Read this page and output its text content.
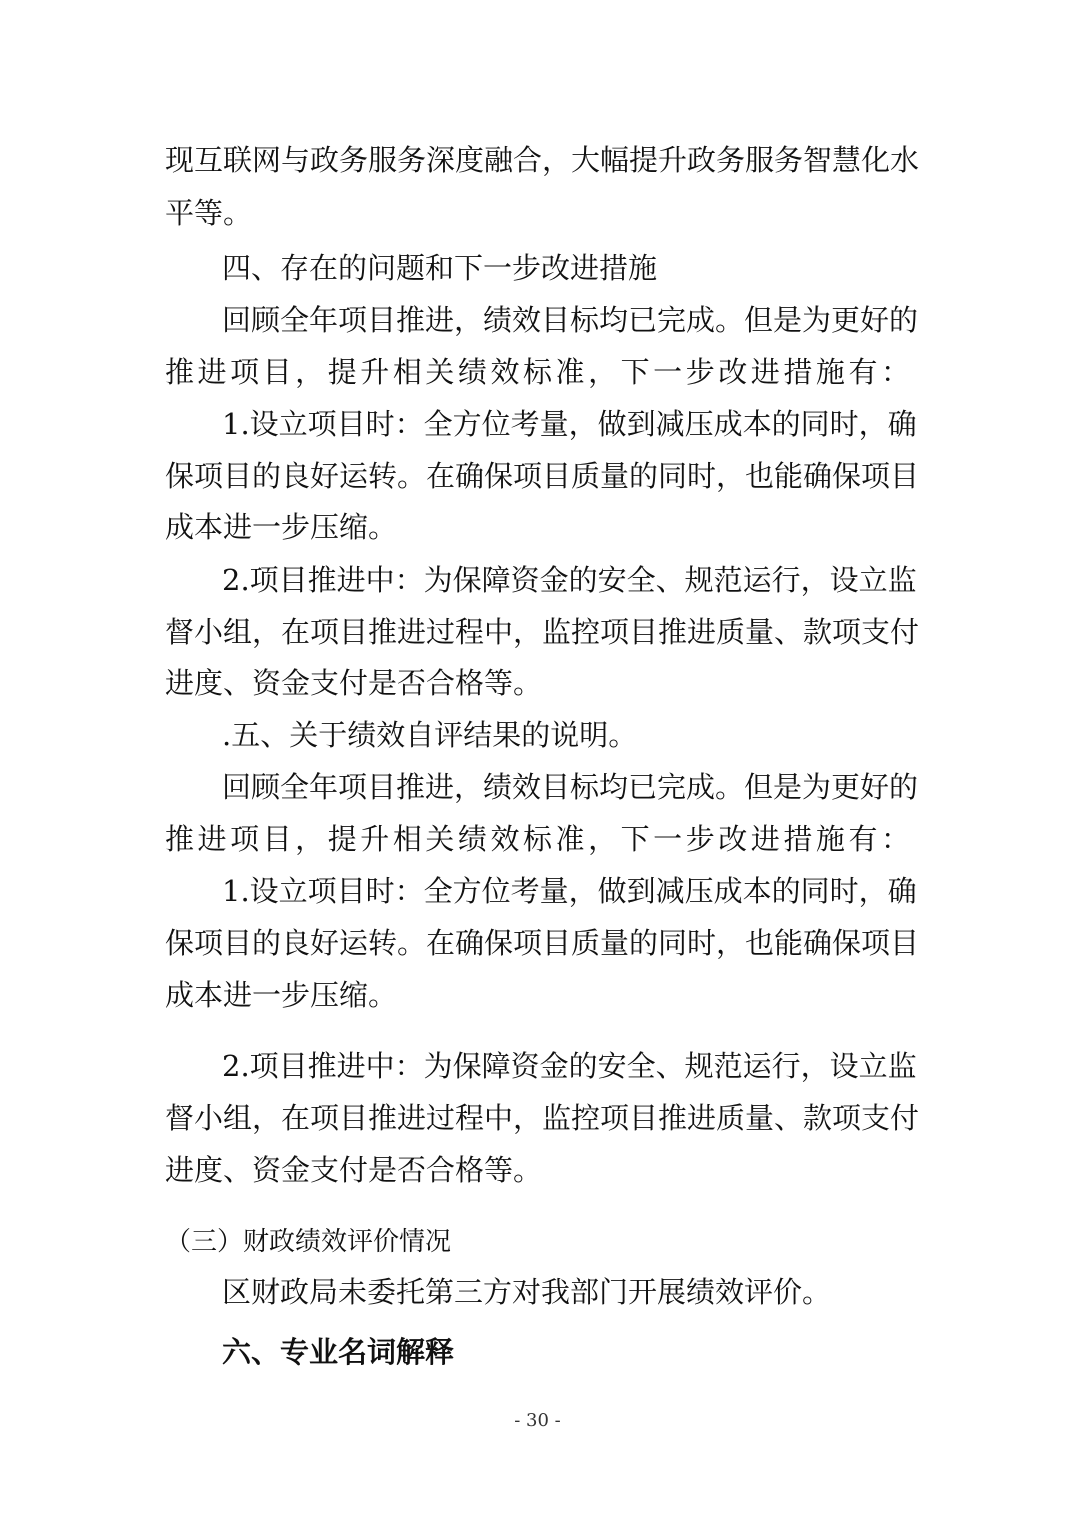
现互联网与政务服务深度融合，大幅提升政务服务智慧化水
平等。
四、存在的问题和下一步改进措施
回顾全年项目推进，绩效目标均已完成。但是为更好的
推进项目，提升相关绩效标准，下一步改进措施有：
1.设立项目时：全方位考量，做到减压成本的同时，确
保项目的良好运转。在确保项目质量的同时，也能确保项目
成本进一步压缩。
2.项目推进中：为保障资金的安全、规范运行，设立监
督小组，在项目推进过程中，监控项目推进质量、款项支付
进度、资金支付是否合格等。
.五、关于绩效自评结果的说明。
回顾全年项目推进，绩效目标均已完成。但是为更好的
推进项目，提升相关绩效标准，下一步改进措施有：
1.设立项目时：全方位考量，做到减压成本的同时，确
保项目的良好运转。在确保项目质量的同时，也能确保项目
成本进一步压缩。
2.项目推进中：为保障资金的安全、规范运行，设立监
督小组，在项目推进过程中，监控项目推进质量、款项支付
进度、资金支付是否合格等。
（三）财政绩效评价情况
区财政局未委托第三方对我部门开展绩效评价。
六、专业名词解释
- 30 -
